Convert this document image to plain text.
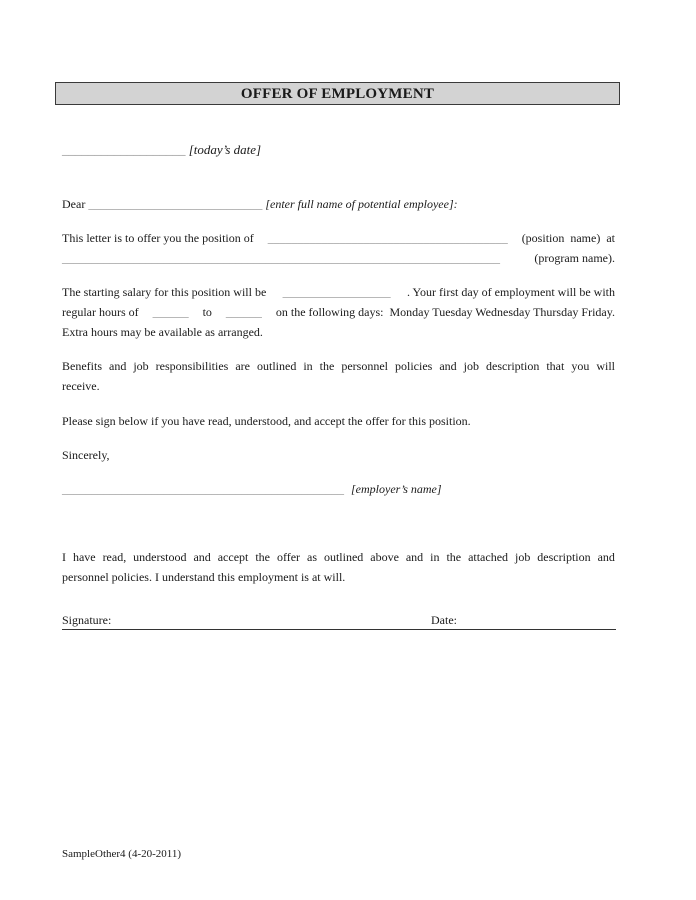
OFFER OF EMPLOYMENT
___________________ [today’s date]
Dear _____________________________ [enter full name of potential employee]:
This letter is to offer you the position of ________________________________________ (position  name)  at
_________________________________________________________________________	(program name).
The starting salary for this position will be __________________ . Your first day of employment will be with
regular hours of ______ to ______ on the following days:  Monday Tuesday Wednesday Thursday Friday.
Extra hours may be available as arranged.
Benefits and job responsibilities are outlined in the personnel policies and job description that you will
receive.
Please sign below if you have read, understood, and accept the offer for this position.
Sincerely,
_______________________________________________ [employer’s name]
I have read, understood and accept the offer as outlined above and in the attached job description and
personnel policies. I understand this employment is at will.
Signature:	Date:
SampleOther4 (4-20-2011)
